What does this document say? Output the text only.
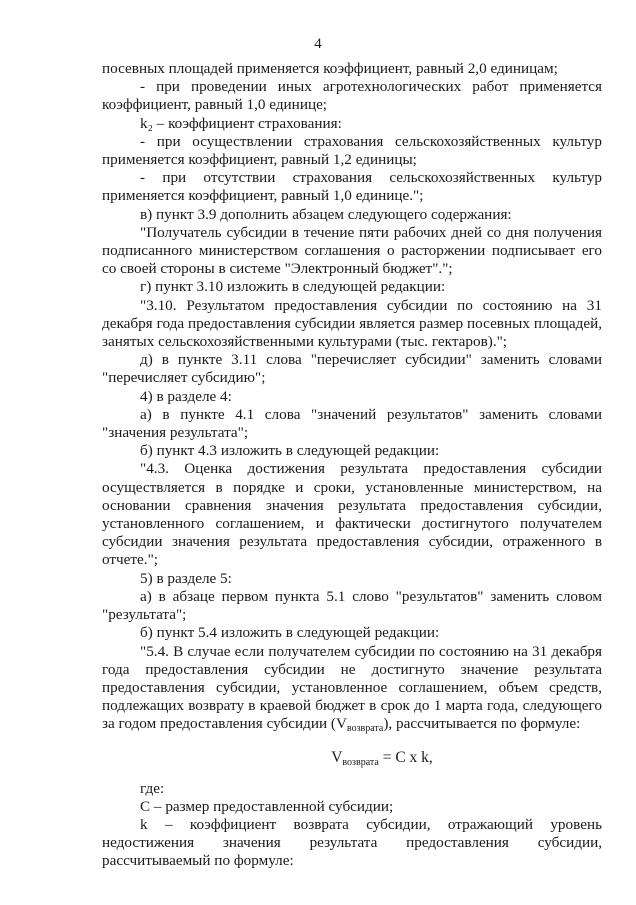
4

посевных площадей применяется коэффициент, равный 2,0 единицам;

- при проведении иных агротехнологических работ применяется коэффициент, равный 1,0 единице;

k₂ – коэффициент страхования:

- при осуществлении страхования сельскохозяйственных культур применяется коэффициент, равный 1,2 единицы;

- при отсутствии страхования сельскохозяйственных культур применяется коэффициент, равный 1,0 единице.";

в) пункт 3.9 дополнить абзацем следующего содержания:

"Получатель субсидии в течение пяти рабочих дней со дня получения подписанного министерством соглашения о расторжении подписывает его со своей стороны в системе "Электронный бюджет".";

г) пункт 3.10 изложить в следующей редакции:

"3.10. Результатом предоставления субсидии по состоянию на 31 декабря года предоставления субсидии является размер посевных площадей, занятых сельскохозяйственными культурами (тыс. гектаров).";

д) в пункте 3.11 слова "перечисляет субсидии" заменить словами "перечисляет субсидию";

4) в разделе 4:

а) в пункте 4.1 слова "значений результатов" заменить словами "значения результата";

б) пункт 4.3 изложить в следующей редакции:

"4.3. Оценка достижения результата предоставления субсидии осуществляется в порядке и сроки, установленные министерством, на основании сравнения значения результата предоставления субсидии, установленного соглашением, и фактически достигнутого получателем субсидии значения результата предоставления субсидии, отраженного в отчете.";

5) в разделе 5:

а) в абзаце первом пункта 5.1 слово "результатов" заменить словом "результата";

б) пункт 5.4 изложить в следующей редакции:

"5.4. В случае если получателем субсидии по состоянию на 31 декабря года предоставления субсидии не достигнуто значение результата предоставления субсидии, установленное соглашением, объем средств, подлежащих возврату в краевой бюджет в срок до 1 марта года, следующего за годом предоставления субсидии $(V_{возврата})$, рассчитывается по формуле:

$V_{возврата} = C$ x k,

где:

C – размер предоставленной субсидии;

k – коэффициент возврата субсидии, отражающий уровень недостижения значения результата предоставления субсидии, рассчитываемый по формуле:
